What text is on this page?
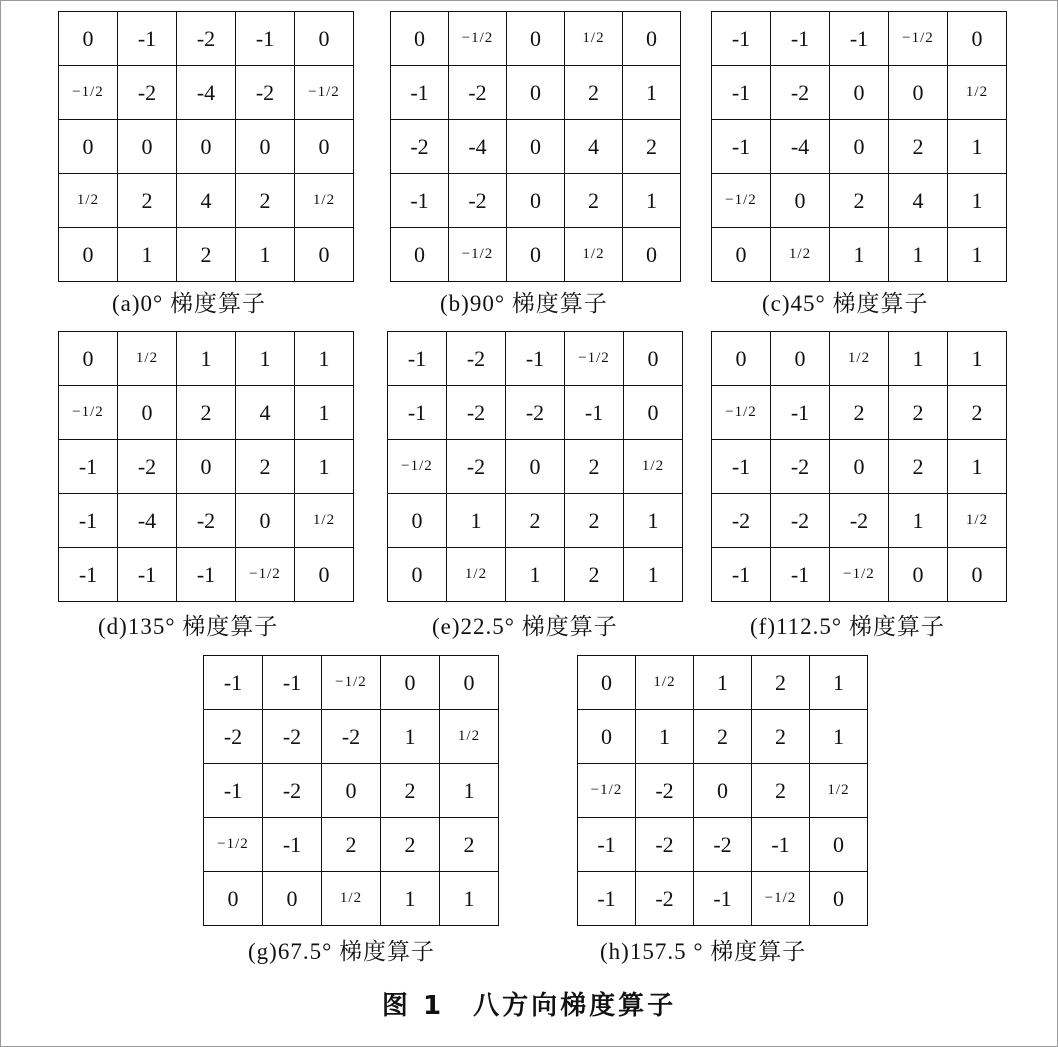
0	-1	-2	-1	0
−1/2	-2	-4	-2	−1/2
0	0	0	0	0
1/2	2	4	2	1/2
0	1	2	1	0
(a)0° 梯度算子
0	−1/2	0	1/2	0
-1	-2	0	2	1
-2	-4	0	4	2
-1	-2	0	2	1
0	−1/2	0	1/2	0
(b)90° 梯度算子
-1	-1	-1	−1/2	0
-1	-2	0	0	1/2
-1	-4	0	2	1
−1/2	0	2	4	1
0	1/2	1	1	1
(c)45° 梯度算子
0	1/2	1	1	1
−1/2	0	2	4	1
-1	-2	0	2	1
-1	-4	-2	0	1/2
-1	-1	-1	−1/2	0
(d)135° 梯度算子
-1	-2	-1	−1/2	0
-1	-2	-2	-1	0
−1/2	-2	0	2	1/2
0	1	2	2	1
0	1/2	1	2	1
(e)22.5° 梯度算子
0	0	1/2	1	1
−1/2	-1	2	2	2
-1	-2	0	2	1
-2	-2	-2	1	1/2
-1	-1	−1/2	0	0
(f)112.5° 梯度算子
-1	-1	−1/2	0	0
-2	-2	-2	1	1/2
-1	-2	0	2	1
−1/2	-1	2	2	2
0	0	1/2	1	1
(g)67.5° 梯度算子
0	1/2	1	2	1
0	1	2	2	1
−1/2	-2	0	2	1/2
-1	-2	-2	-1	0
-1	-2	-1	−1/2	0
(h)157.5 ° 梯度算子
图 1　八方向梯度算子
